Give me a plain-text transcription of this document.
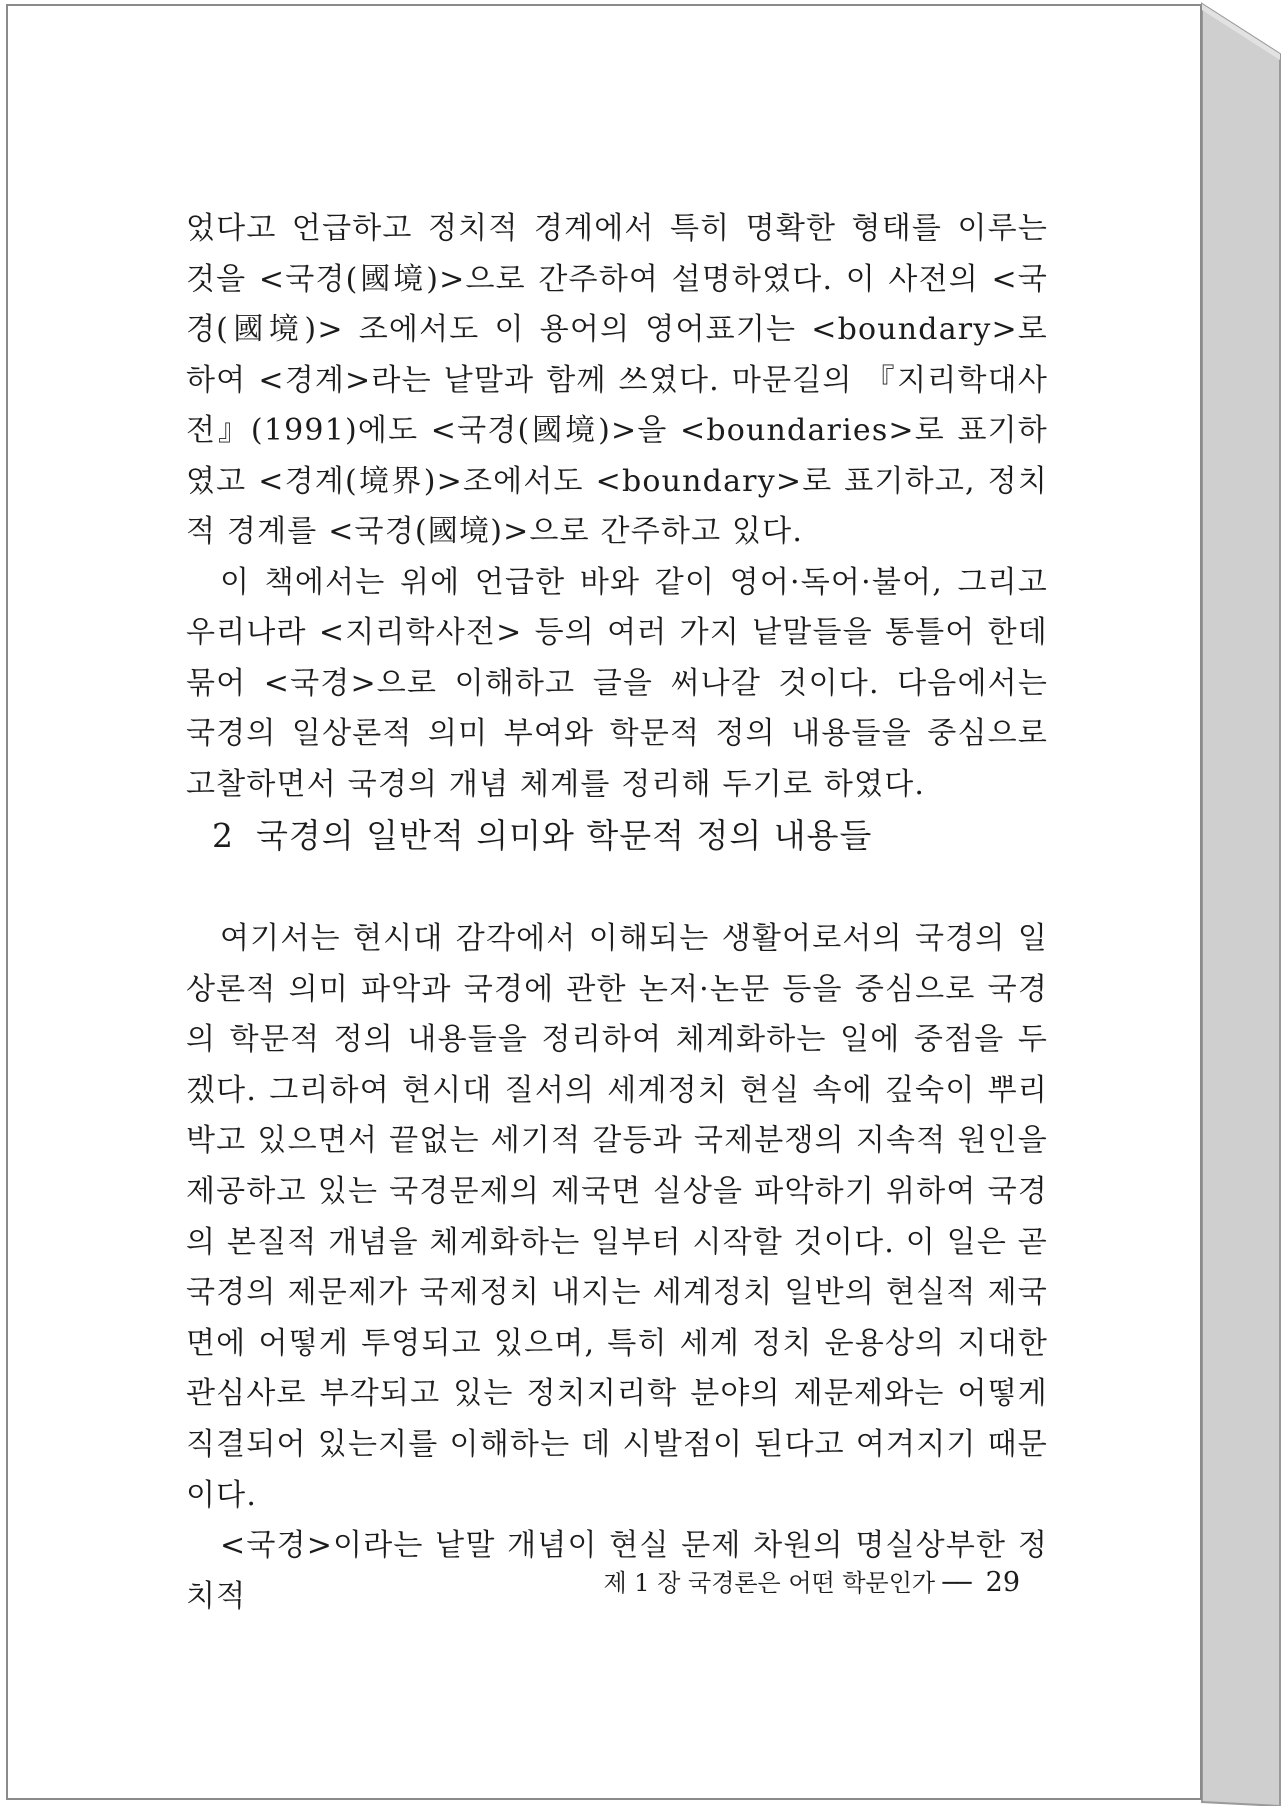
었다고 언급하고 정치적 경계에서 특히 명확한 형태를 이루는 것을 <국경(國境)>으로 간주하여 설명하였다. 이 사전의 <국경(國境)> 조에서도 이 용어의 영어표기는 <boundary>로 하여 <경계>라는 낱말과 함께 쓰였다. 마문길의 『지리학대사전』(1991)에도 <국경(國境)>을 <boundaries>로 표기하였고 <경계(境界)>조에서도 <boundary>로 표기하고, 정치적 경계를 <국경(國境)>으로 간주하고 있다.

이 책에서는 위에 언급한 바와 같이 영어·독어·불어, 그리고 우리나라 <지리학사전> 등의 여러 가지 낱말들을 통틀어 한데 묶어 <국경>으로 이해하고 글을 써나갈 것이다. 다음에서는 국경의 일상론적 의미 부여와 학문적 정의 내용들을 중심으로 고찰하면서 국경의 개념 체계를 정리해 두기로 하였다.

2 국경의 일반적 의미와 학문적 정의 내용들

여기서는 현시대 감각에서 이해되는 생활어로서의 국경의 일상론적 의미 파악과 국경에 관한 논저·논문 등을 중심으로 국경의 학문적 정의 내용들을 정리하여 체계화하는 일에 중점을 두겠다. 그리하여 현시대 질서의 세계정치 현실 속에 깊숙이 뿌리박고 있으면서 끝없는 세기적 갈등과 국제분쟁의 지속적 원인을 제공하고 있는 국경문제의 제국면 실상을 파악하기 위하여 국경의 본질적 개념을 체계화하는 일부터 시작할 것이다. 이 일은 곧 국경의 제문제가 국제정치 내지는 세계정치 일반의 현실적 제국면에 어떻게 투영되고 있으며, 특히 세계 정치 운용상의 지대한 관심사로 부각되고 있는 정치지리학 분야의 제문제와는 어떻게 직결되어 있는지를 이해하는 데 시발점이 된다고 여겨지기 때문이다.

<국경>이라는 낱말 개념이 현실 문제 차원의 명실상부한 정치적	제 1 장 국경론은 어떤 학문인가 ── 29
